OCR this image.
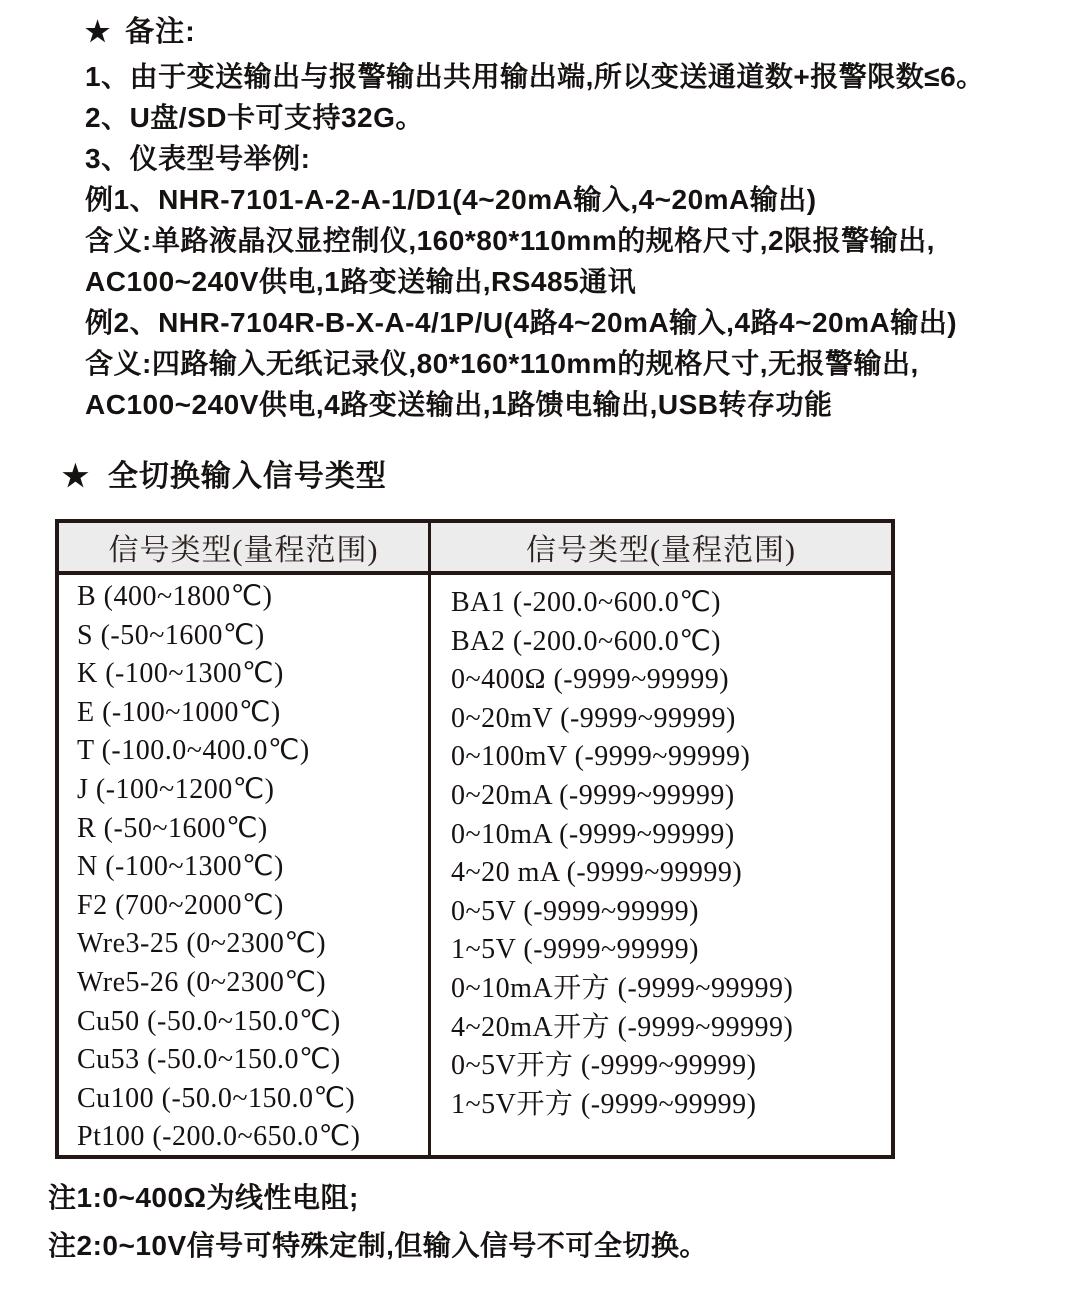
★ 备注:
1、由于变送输出与报警输出共用输出端,所以变送通道数+报警限数≤6。
2、U盘/SD卡可支持32G。
3、仪表型号举例:
例1、NHR-7101-A-2-A-1/D1(4~20mA输入,4~20mA输出)
含义:单路液晶汉显控制仪,160*80*110mm的规格尺寸,2限报警输出,
AC100~240V供电,1路变送输出,RS485通讯
例2、NHR-7104R-B-X-A-4/1P/U(4路4~20mA输入,4路4~20mA输出)
含义:四路输入无纸记录仪,80*160*110mm的规格尺寸,无报警输出,
AC100~240V供电,4路变送输出,1路馈电输出,USB转存功能
★ 全切换输入信号类型
信号类型(量程范围)	信号类型(量程范围)
B (400~1800℃)
S (-50~1600℃)
K (-100~1300℃)
E (-100~1000℃)
T (-100.0~400.0℃)
J (-100~1200℃)
R (-50~1600℃)
N (-100~1300℃)
F2 (700~2000℃)
Wre3-25 (0~2300℃)
Wre5-26 (0~2300℃)
Cu50 (-50.0~150.0℃)
Cu53 (-50.0~150.0℃)
Cu100 (-50.0~150.0℃)
Pt100 (-200.0~650.0℃)
BA1 (-200.0~600.0℃)
BA2 (-200.0~600.0℃)
0~400Ω (-9999~99999)
0~20mV (-9999~99999)
0~100mV (-9999~99999)
0~20mA (-9999~99999)
0~10mA (-9999~99999)
4~20 mA (-9999~99999)
0~5V (-9999~99999)
1~5V (-9999~99999)
0~10mA开方 (-9999~99999)
4~20mA开方 (-9999~99999)
0~5V开方 (-9999~99999)
1~5V开方 (-9999~99999)
注1:0~400Ω为线性电阻;
注2:0~10V信号可特殊定制,但输入信号不可全切换。
